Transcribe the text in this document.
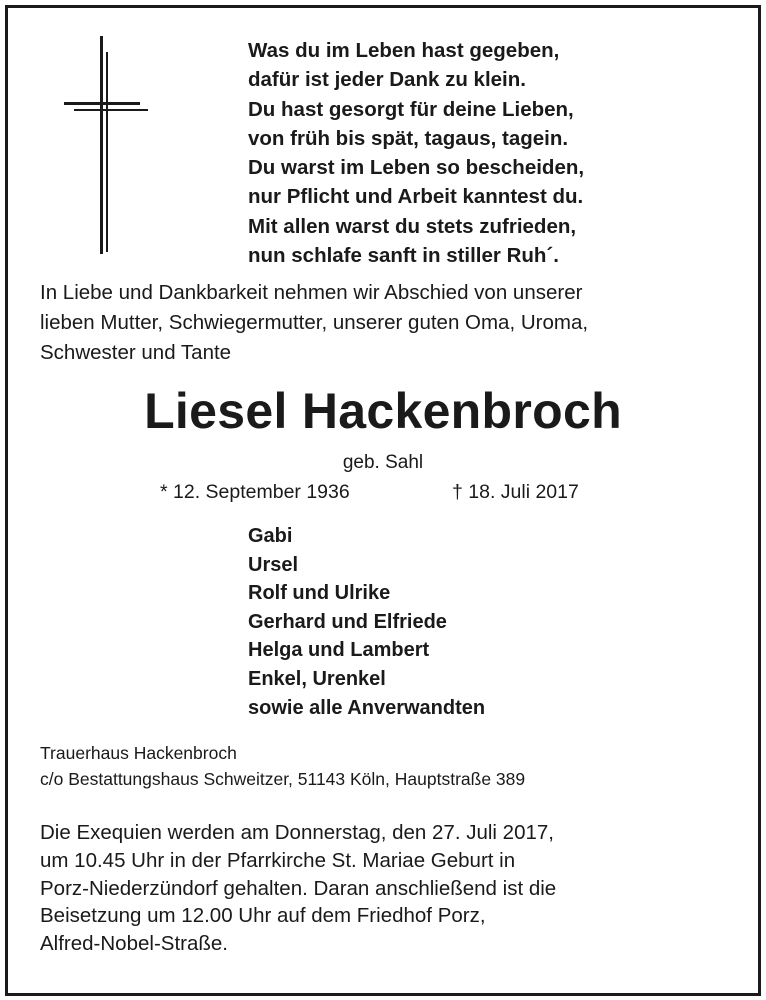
Was du im Leben hast gegeben,
dafür ist jeder Dank zu klein.
Du hast gesorgt für deine Lieben,
von früh bis spät, tagaus, tagein.
Du warst im Leben so bescheiden,
nur Pflicht und Arbeit kanntest du.
Mit allen warst du stets zufrieden,
nun schlafe sanft in stiller Ruh´.
In Liebe und Dankbarkeit nehmen wir Abschied von unserer
lieben Mutter, Schwiegermutter, unserer guten Oma, Uroma,
Schwester und Tante
Liesel Hackenbroch
geb. Sahl
* 12. September 1936	† 18. Juli 2017
Gabi
Ursel
Rolf und Ulrike
Gerhard und Elfriede
Helga und Lambert
Enkel, Urenkel
sowie alle Anverwandten
Trauerhaus Hackenbroch
c/o Bestattungshaus Schweitzer, 51143 Köln, Hauptstraße 389
Die Exequien werden am Donnerstag, den 27. Juli 2017,
um 10.45 Uhr in der Pfarrkirche St. Mariae Geburt in
Porz-Niederzündorf gehalten. Daran anschließend ist die
Beisetzung um 12.00 Uhr auf dem Friedhof Porz,
Alfred-Nobel-Straße.
